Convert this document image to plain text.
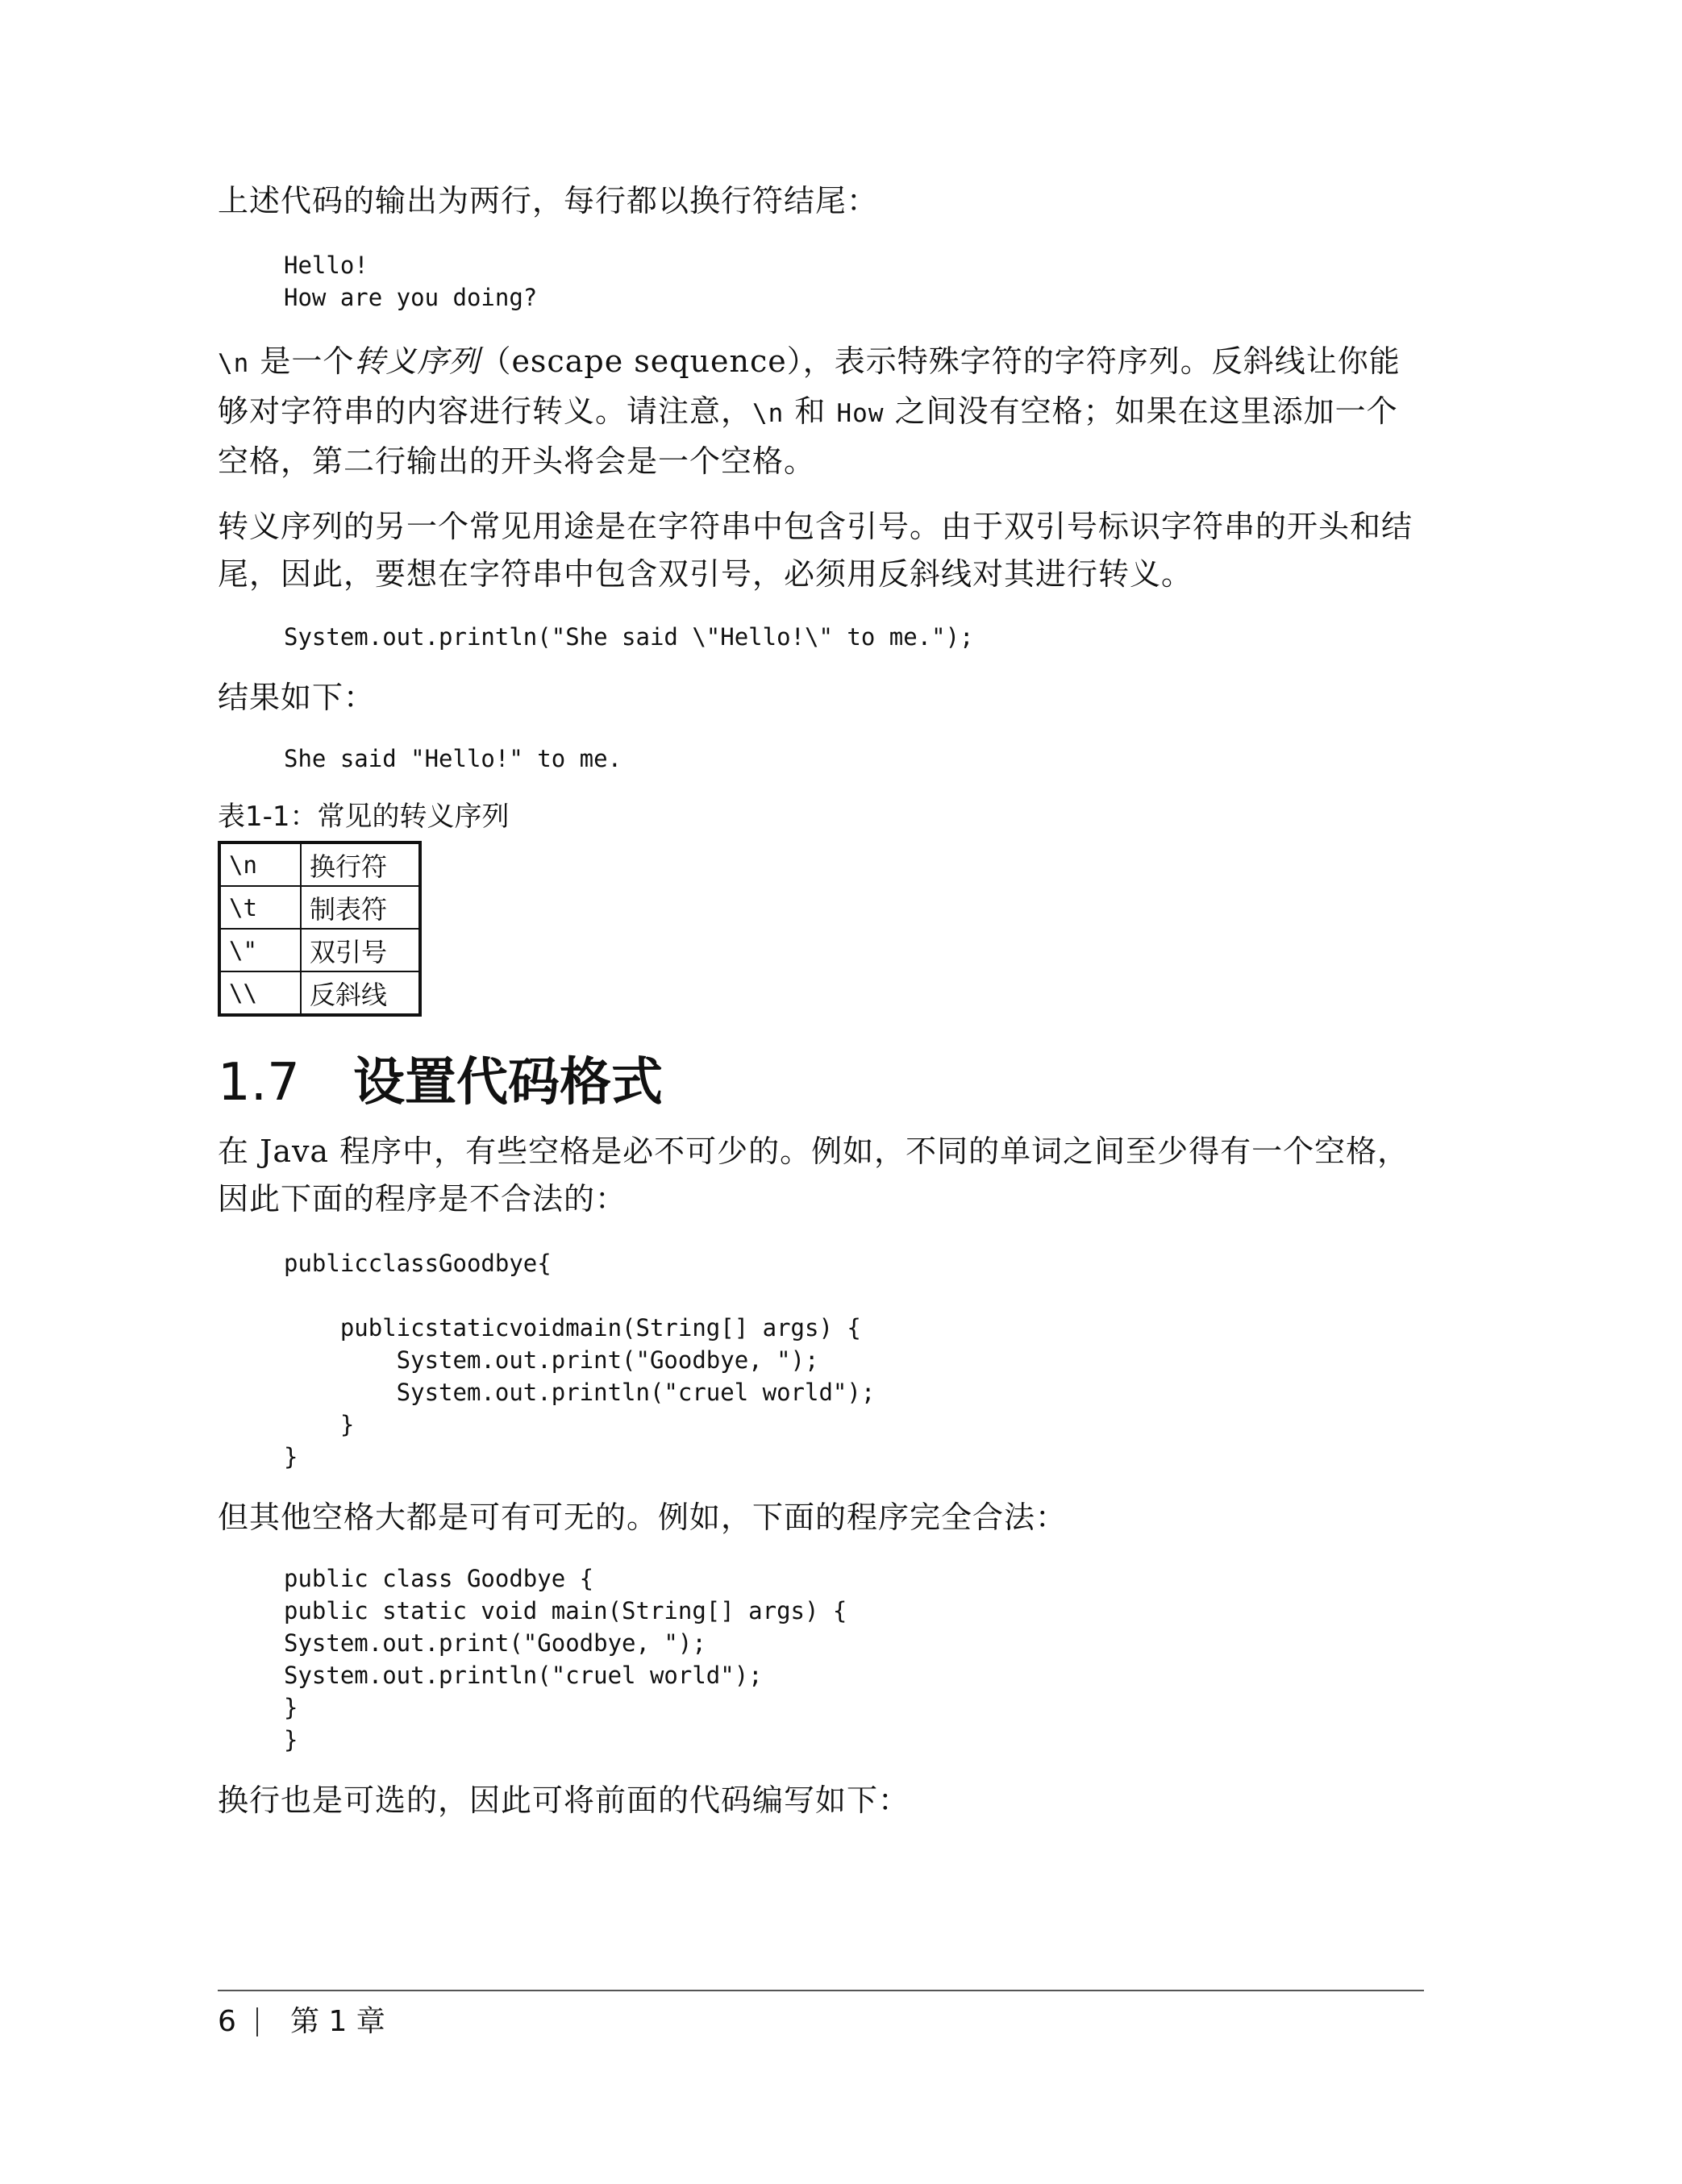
上述代码的输出为两行，每行都以换行符结尾：

Hello!
How are you doing?

\n 是一个转义序列（escape sequence），表示特殊字符的字符序列。反斜线让你能够对字符串的内容进行转义。请注意，\n 和 How 之间没有空格；如果在这里添加一个空格，第二行输出的开头将会是一个空格。

转义序列的另一个常见用途是在字符串中包含引号。由于双引号标识字符串的开头和结尾，因此，要想在字符串中包含双引号，必须用反斜线对其进行转义。

System.out.println("She said \"Hello!\" to me.");

结果如下：

She said "Hello!" to me.

表1-1：常见的转义序列

\n	换行符
\t	制表符
\"	双引号
\\	反斜线
1.7	设置代码格式

在 Java 程序中，有些空格是必不可少的。例如，不同的单词之间至少得有一个空格，因此下面的程序是不合法的：

publicclassGoodbye{

publicstaticvoidmain(String[] args) {
System.out.print("Goodbye, ");
System.out.println("cruel world");
}
}

但其他空格大都是可有可无的。例如，下面的程序完全合法：

public class Goodbye {
public static void main(String[] args) {
System.out.print("Goodbye, ");
System.out.println("cruel world");
}
}

换行也是可选的，因此可将前面的代码编写如下：

6	第 1 章
